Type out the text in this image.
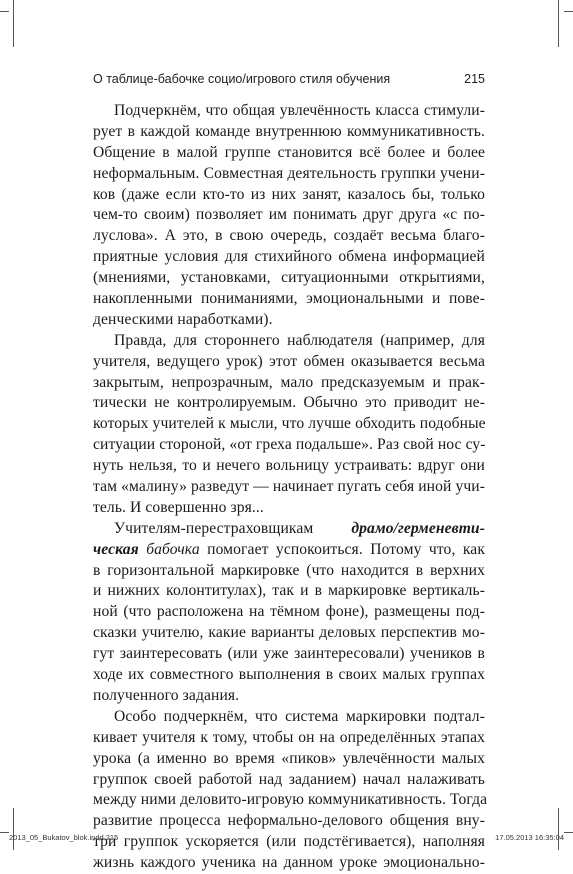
О таблице-бабочке социо/игрового стиля обучения	215
Подчеркнём, что общая увлечённость класса стимули-
рует в каждой команде внутреннюю коммуникативность.
Общение в малой группе становится всё более и более
неформальным. Совместная деятельность группки учени-
ков (даже если кто-то из них занят, казалось бы, только
чем-то своим) позволяет им понимать друг друга «с по-
луслова». А это, в свою очередь, создаёт весьма благо-
приятные условия для стихийного обмена информацией
(мнениями, установками, ситуационными открытиями,
накопленными пониманиями, эмоциональными и пове-
денческими наработками).
Правда, для стороннего наблюдателя (например, для
учителя, ведущего урок) этот обмен оказывается весьма
закрытым, непрозрачным, мало предсказуемым и прак-
тически не контролируемым. Обычно это приводит не-
которых учителей к мысли, что лучше обходить подобные
ситуации стороной, «от греха подальше». Раз свой нос су-
нуть нельзя, то и нечего вольницу устраивать: вдруг они
там «малину» разведут — начинает пугать себя иной учи-
тель. И совершенно зря...
Учителям-перестраховщикам драмо/герменевти-
ческая бабочка помогает успокоиться. Потому что, как
в горизонтальной маркировке (что находится в верхних
и нижних колонтитулах), так и в маркировке вертикаль-
ной (что расположена на тёмном фоне), размещены под-
сказки учителю, какие варианты деловых перспектив мо-
гут заинтересовать (или уже заинтересовали) учеников в
ходе их совместного выполнения в своих малых группах
полученного задания.
Особо подчеркнём, что система маркировки подтал-
кивает учителя к тому, чтобы он на определённых этапах
урока (а именно во время «пиков» увлечённости малых
группок своей работой над заданием) начал налаживать
между ними деловито-игровую коммуникативность. Тогда
развитие процесса неформально-делового общения вну-
три группок ускоряется (или подстёгивается), наполняя
жизнь каждого ученика на данном уроке эмоционально-
2013_05_Bukatov_blok.indd 215	17.05.2013 16:35:04
